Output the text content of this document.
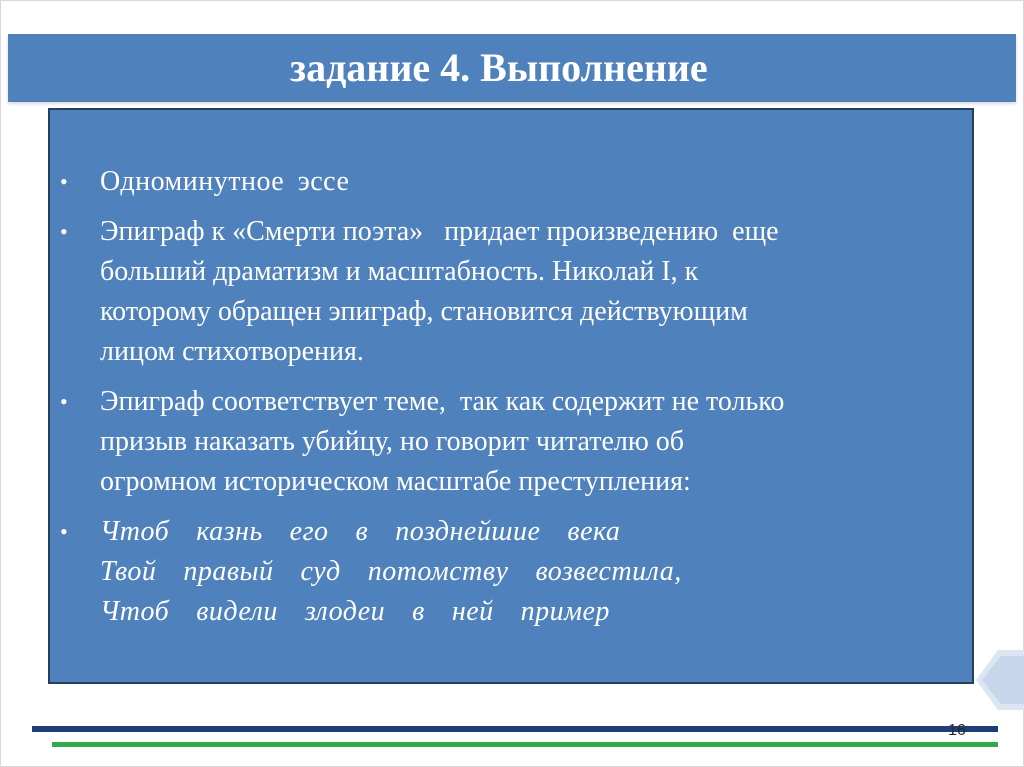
задание 4. Выполнение
• Одноминутное эссе
• Эпиграф к «Смерти поэта»   придает произведению  еще
больший драматизм и масштабность. Николай I, к
которому обращен эпиграф, становится действующим
лицом стихотворения.
• Эпиграф соответствует теме,  так как содержит не только
призыв наказать убийцу, но говорит читателю об
огромном историческом масштабе преступления:
• Чтоб  казнь  его  в  позднейшие  века
Твой  правый  суд  потомству  возвестила,
Чтоб  видели  злодеи  в  ней  пример
16
